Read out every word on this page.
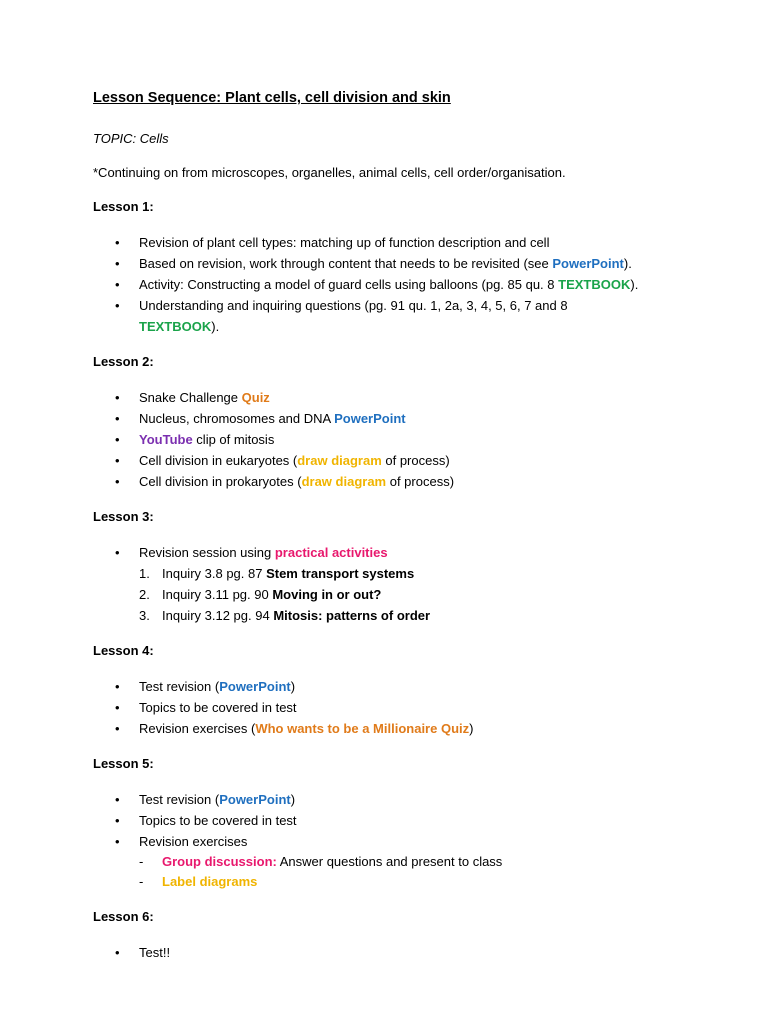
Lesson Sequence: Plant cells, cell division and skin
TOPIC: Cells
*Continuing on from microscopes, organelles, animal cells, cell order/organisation.
Lesson 1:
• Revision of plant cell types: matching up of function description and cell
• Based on revision, work through content that needs to be revisited (see PowerPoint).
• Activity: Constructing a model of guard cells using balloons (pg. 85 qu. 8 TEXTBOOK).
• Understanding and inquiring questions (pg. 91 qu. 1, 2a, 3, 4, 5, 6, 7 and 8
TEXTBOOK).
Lesson 2:
• Snake Challenge Quiz
• Nucleus, chromosomes and DNA PowerPoint
• YouTube clip of mitosis
• Cell division in eukaryotes (draw diagram of process)
• Cell division in prokaryotes (draw diagram of process)
Lesson 3:
• Revision session using practical activities
1. Inquiry 3.8 pg. 87 Stem transport systems
2. Inquiry 3.11 pg. 90 Moving in or out?
3. Inquiry 3.12 pg. 94 Mitosis: patterns of order
Lesson 4:
• Test revision (PowerPoint)
• Topics to be covered in test
• Revision exercises (Who wants to be a Millionaire Quiz)
Lesson 5:
• Test revision (PowerPoint)
• Topics to be covered in test
• Revision exercises
- Group discussion: Answer questions and present to class
- Label diagrams
Lesson 6:
• Test!!
